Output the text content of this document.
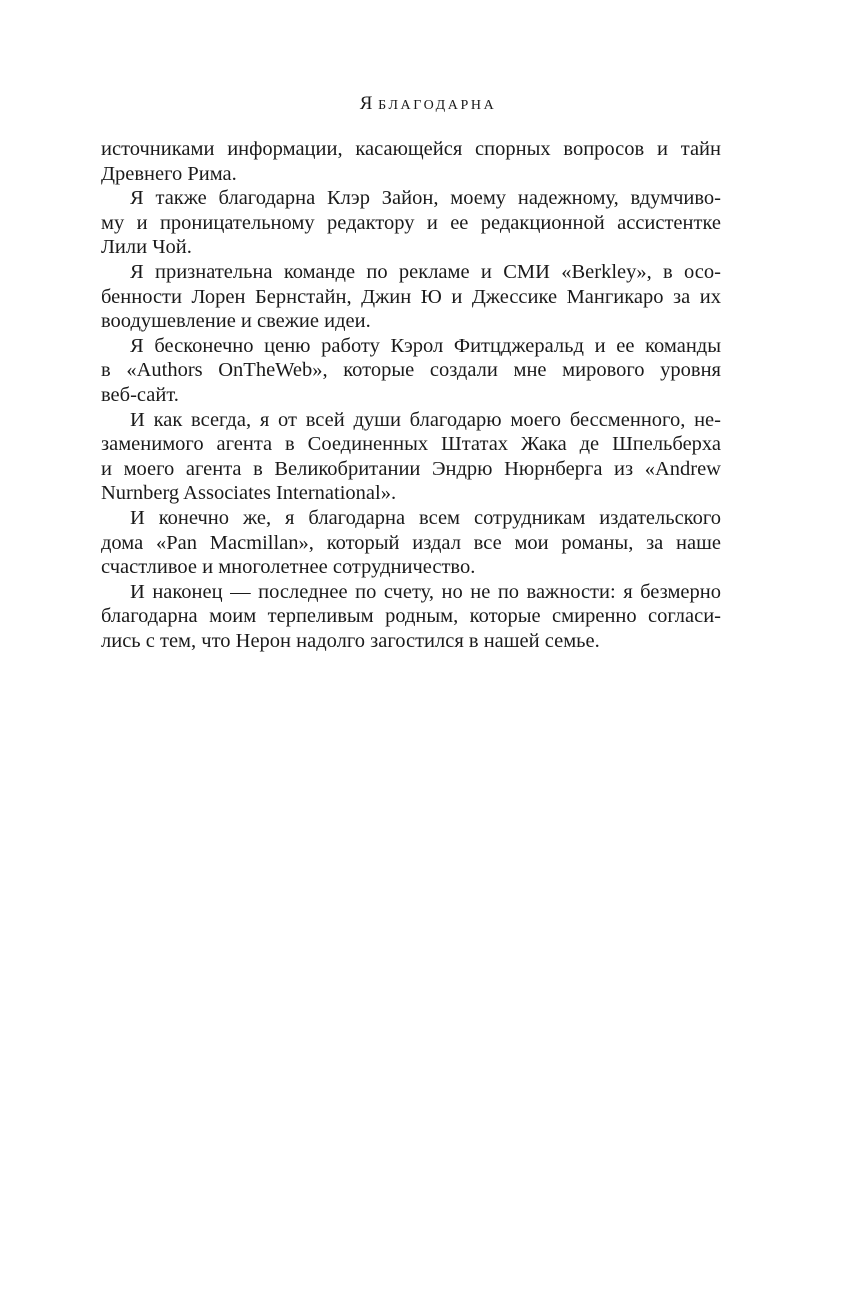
Я БЛАГОДАРНА
источниками информации, касающейся спорных вопросов и тайн
Древнего Рима.
Я также благодарна Клэр Зайон, моему надежному, вдумчиво-
му и проницательному редактору и ее редакционной ассистентке
Лили Чой.
Я признательна команде по рекламе и СМИ «Berkley», в осо-
бенности Лорен Бернстайн, Джин Ю и Джессике Мангикаро за их
воодушевление и свежие идеи.
Я бесконечно ценю работу Кэрол Фитцджеральд и ее команды
в «Authors OnTheWeb», которые создали мне мирового уровня
веб-сайт.
И как всегда, я от всей души благодарю моего бессменного, не-
заменимого агента в Соединенных Штатах Жака де Шпельберха
и моего агента в Великобритании Эндрю Нюрнберга из «Andrew
Nurnberg Associates International».
И конечно же, я благодарна всем сотрудникам издательского
дома «Pan Macmillan», который издал все мои романы, за наше
счастливое и многолетнее сотрудничество.
И наконец — последнее по счету, но не по важности: я безмерно
благодарна моим терпеливым родным, которые смиренно согласи-
лись с тем, что Нерон надолго загостился в нашей семье.
